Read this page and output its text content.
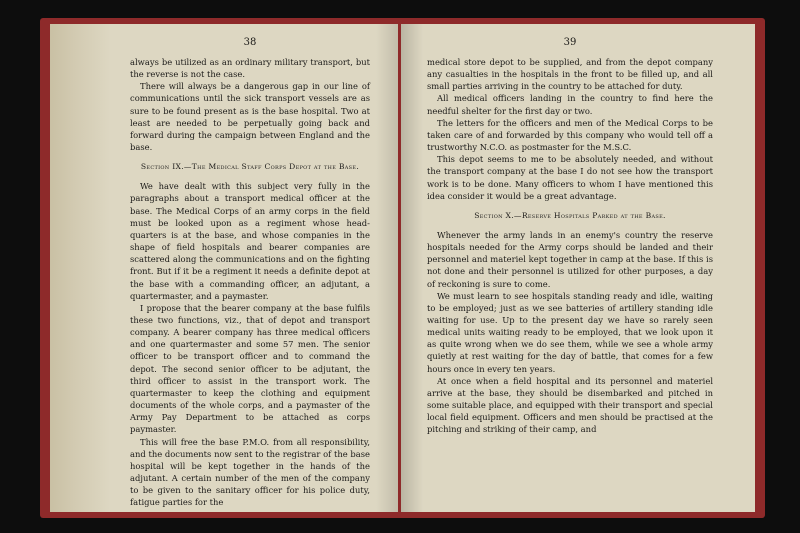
38

always be utilized as an ordinary military transport, but the reverse is not the case.

There will always be a dangerous gap in our line of communications until the sick transport vessels are as sure to be found present as is the base hospital. Two at least are needed to be perpetually going back and forward during the campaign between England and the base.

Section IX.—The Medical Staff Corps Depot at the Base.

We have dealt with this subject very fully in the paragraphs about a transport medical officer at the base. The Medical Corps of an army corps in the field must be looked upon as a regiment whose head-quarters is at the base, and whose companies in the shape of field hospitals and bearer companies are scattered along the communications and on the fighting front. But if it be a regiment it needs a definite depot at the base with a commanding officer, an adjutant, a quartermaster, and a paymaster.

I propose that the bearer company at the base fulfils these two functions, viz., that of depot and transport company. A bearer company has three medical officers and one quartermaster and some 57 men. The senior officer to be transport officer and to command the depot. The second senior officer to be adjutant, the third officer to assist in the transport work. The quartermaster to keep the clothing and equipment documents of the whole corps, and a paymaster of the Army Pay Department to be attached as corps paymaster.

This will free the base P.M.O. from all responsibility, and the documents now sent to the registrar of the base hospital will be kept together in the hands of the adjutant. A certain number of the men of the company to be given to the sanitary officer for his police duty, fatigue parties for the

39

medical store depot to be supplied, and from the depot company any casualties in the hospitals in the front to be filled up, and all small parties arriving in the country to be attached for duty.

All medical officers landing in the country to find here the needful shelter for the first day or two.

The letters for the officers and men of the Medical Corps to be taken care of and forwarded by this company who would tell off a trustworthy N.C.O. as postmaster for the M.S.C.

This depot seems to me to be absolutely needed, and without the transport company at the base I do not see how the transport work is to be done. Many officers to whom I have mentioned this idea consider it would be a great advantage.

Section X.—Reserve Hospitals Parked at the Base.

Whenever the army lands in an enemy's country the reserve hospitals needed for the Army corps should be landed and their personnel and materiel kept together in camp at the base. If this is not done and their personnel is utilized for other purposes, a day of reckoning is sure to come.

We must learn to see hospitals standing ready and idle, waiting to be employed; just as we see batteries of artillery standing idle waiting for use. Up to the present day we have so rarely seen medical units waiting ready to be employed, that we look upon it as quite wrong when we do see them, while we see a whole army quietly at rest waiting for the day of battle, that comes for a few hours once in every ten years.

At once when a field hospital and its personnel and materiel arrive at the base, they should be disembarked and pitched in some suitable place, and equipped with their transport and special local field equipment. Officers and men should be practised at the pitching and striking of their camp, and
